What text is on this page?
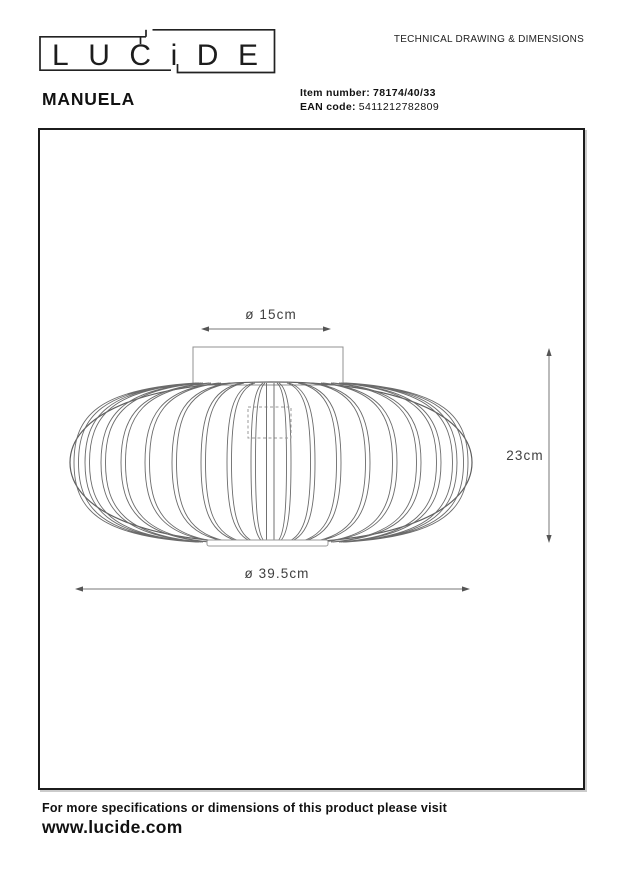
LUCiDE	TECHNICAL DRAWING & DIMENSIONS
MANUELA	Item number: 78174/40/33
EAN code: 5411212782809
ø 15cm
23cm
ø 39.5cm

For more specifications or dimensions of this product please visit

www.lucide.com
